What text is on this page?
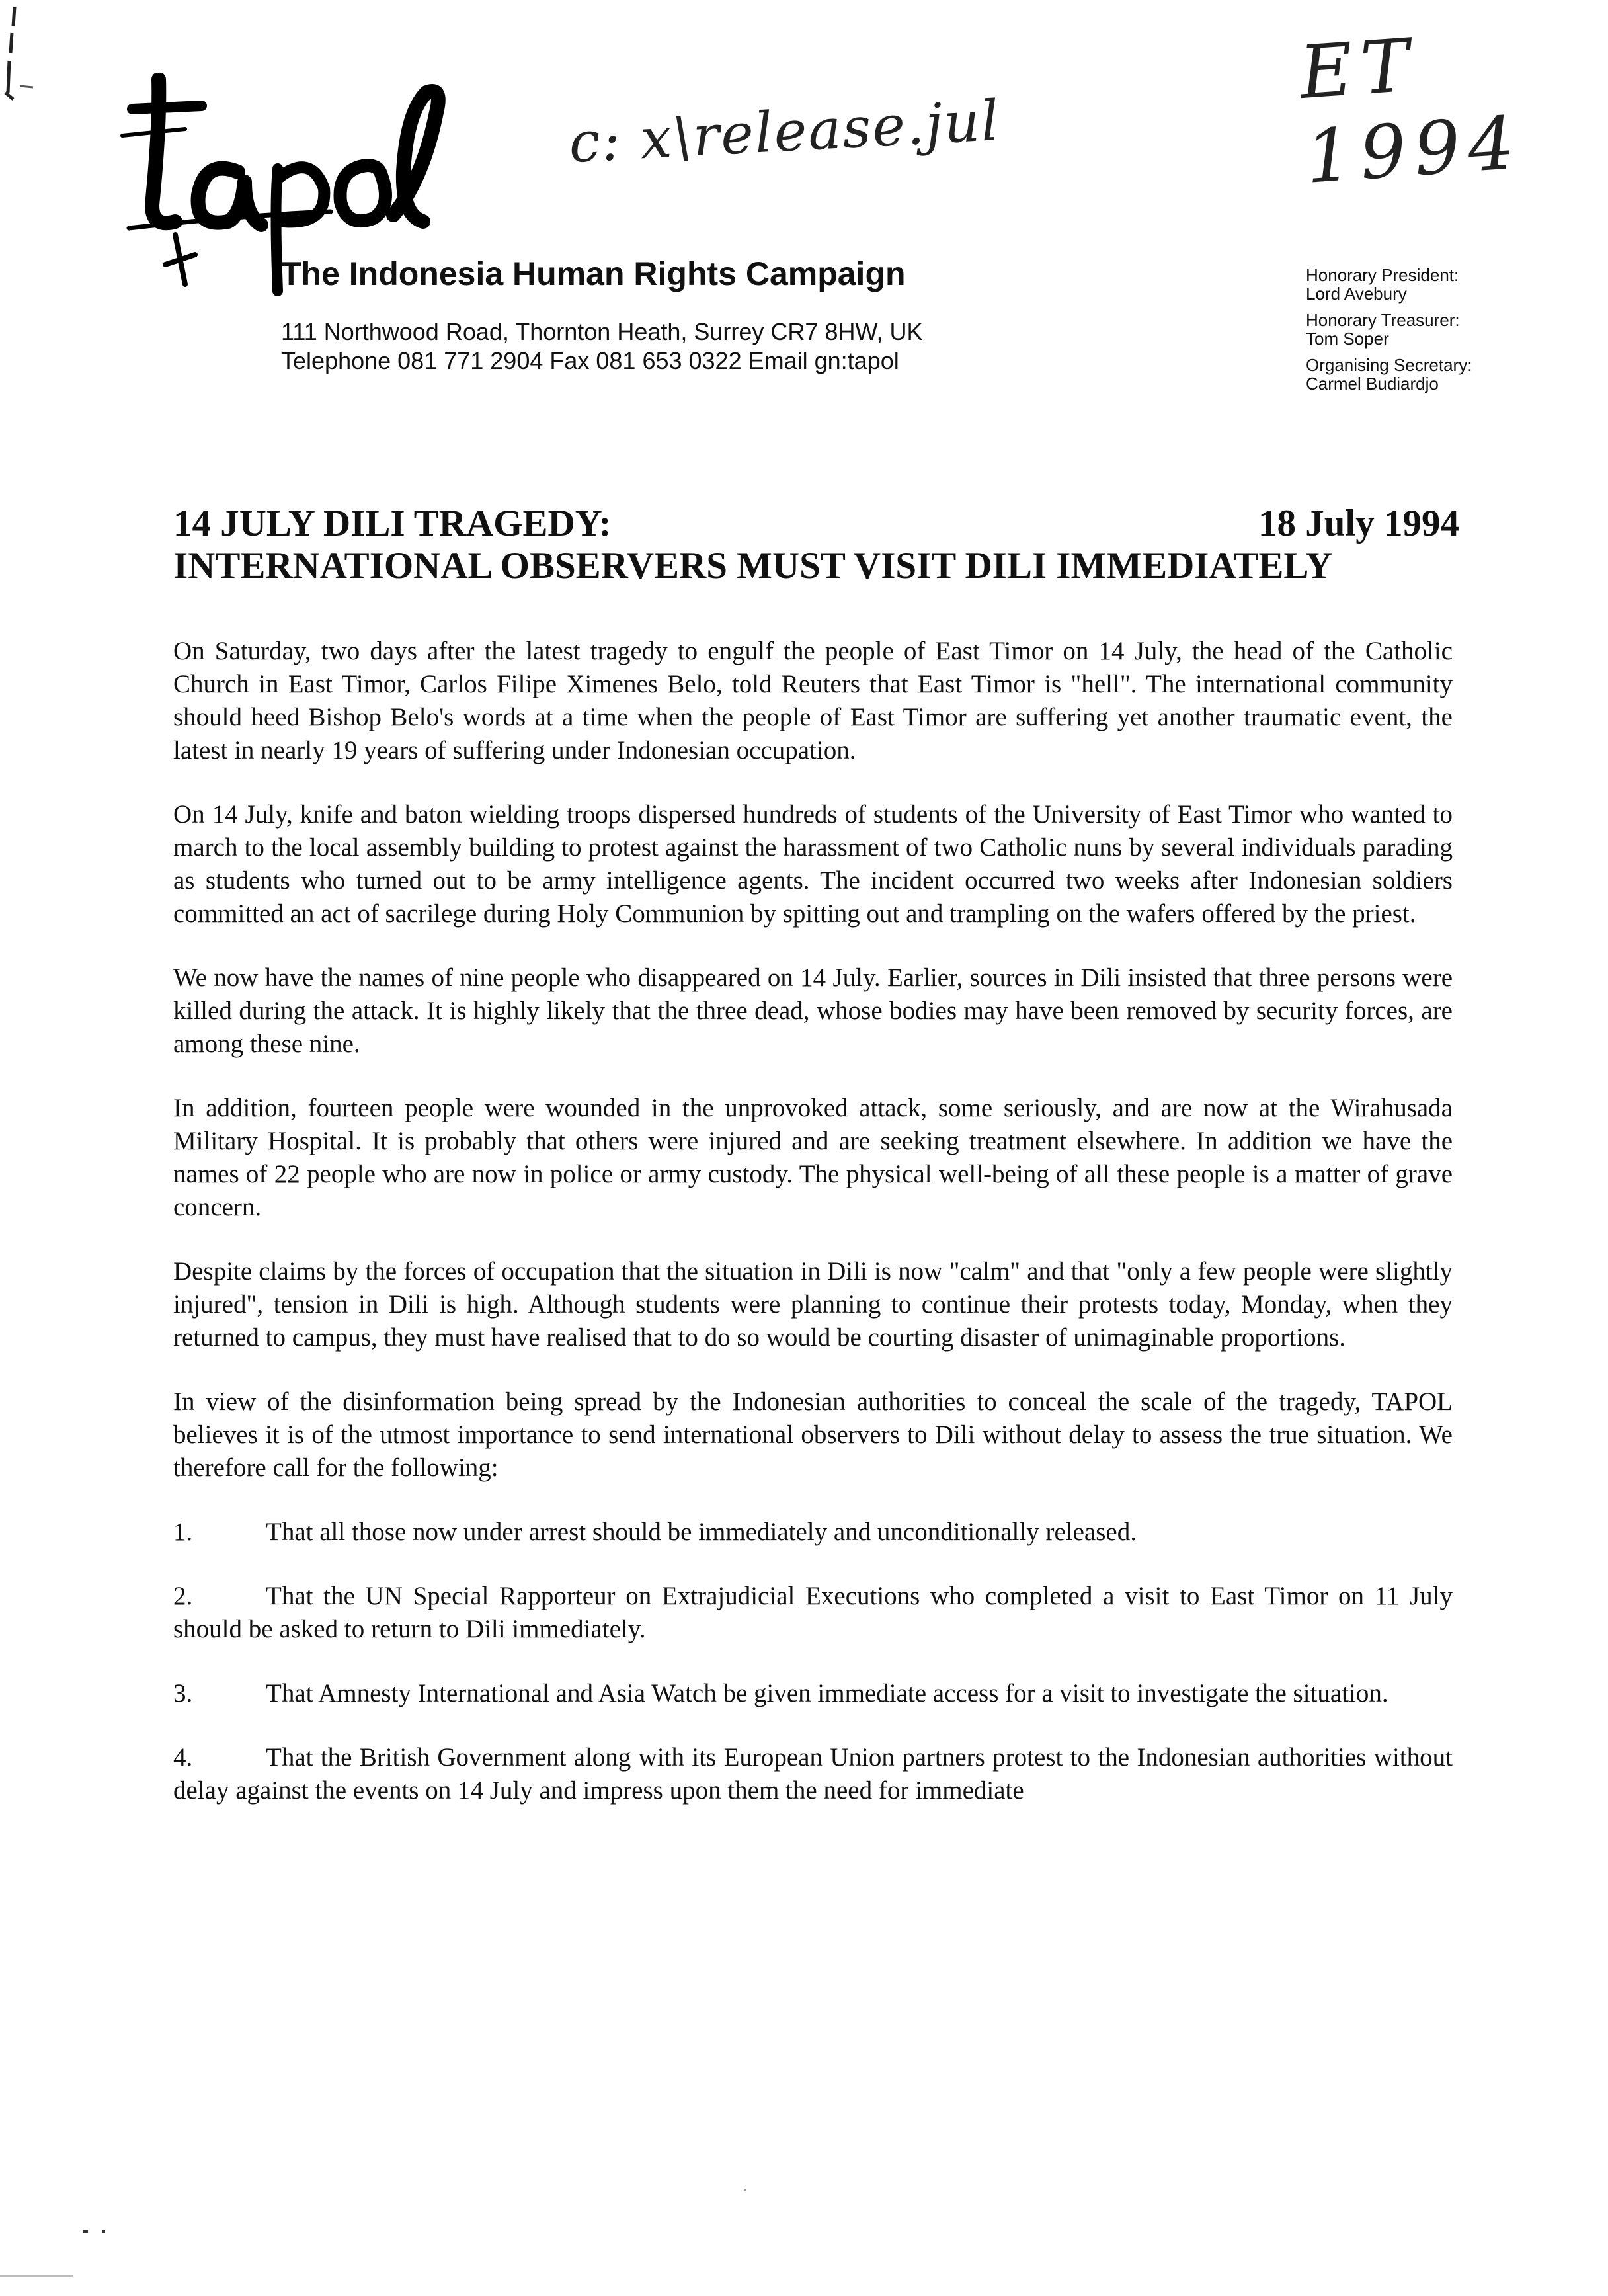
c: x\release.jul
ET 1994
The Indonesia Human Rights Campaign
111 Northwood Road, Thornton Heath, Surrey CR7 8HW, UK
Telephone 081 771 2904 Fax 081 653 0322 Email gn:tapol
Honorary President:
Lord Avebury
Honorary Treasurer:
Tom Soper
Organising Secretary:
Carmel Budiardjo
14 JULY DILI TRAGEDY:	18 July 1994
INTERNATIONAL OBSERVERS MUST VISIT DILI IMMEDIATELY

On Saturday, two days after the latest tragedy to engulf the people of East Timor on 14 July, the head of the Catholic Church in East Timor, Carlos Filipe Ximenes Belo, told Reuters that East Timor is "hell". The international community should heed Bishop Belo's words at a time when the people of East Timor are suffering yet another traumatic event, the latest in nearly 19 years of suffering under Indonesian occupation.

On 14 July, knife and baton wielding troops dispersed hundreds of students of the University of East Timor who wanted to march to the local assembly building to protest against the harassment of two Catholic nuns by several individuals parading as students who turned out to be army intelligence agents. The incident occurred two weeks after Indonesian soldiers committed an act of sacrilege during Holy Communion by spitting out and trampling on the wafers offered by the priest.

We now have the names of nine people who disappeared on 14 July. Earlier, sources in Dili insisted that three persons were killed during the attack. It is highly likely that the three dead, whose bodies may have been removed by security forces, are among these nine.

In addition, fourteen people were wounded in the unprovoked attack, some seriously, and are now at the Wirahusada Military Hospital. It is probably that others were injured and are seeking treatment elsewhere. In addition we have the names of 22 people who are now in police or army custody. The physical well-being of all these people is a matter of grave concern.

Despite claims by the forces of occupation that the situation in Dili is now "calm" and that "only a few people were slightly injured", tension in Dili is high. Although students were planning to continue their protests today, Monday, when they returned to campus, they must have realised that to do so would be courting disaster of unimaginable proportions.

In view of the disinformation being spread by the Indonesian authorities to conceal the scale of the tragedy, TAPOL believes it is of the utmost importance to send international observers to Dili without delay to assess the true situation. We therefore call for the following:

1.	That all those now under arrest should be immediately and unconditionally released.

2.	That the UN Special Rapporteur on Extrajudicial Executions who completed a visit to East Timor on 11 July should be asked to return to Dili immediately.

3.	That Amnesty International and Asia Watch be given immediate access for a visit to investigate the situation.

4.	That the British Government along with its European Union partners protest to the Indonesian authorities without delay against the events on 14 July and impress upon them the need for immediate
